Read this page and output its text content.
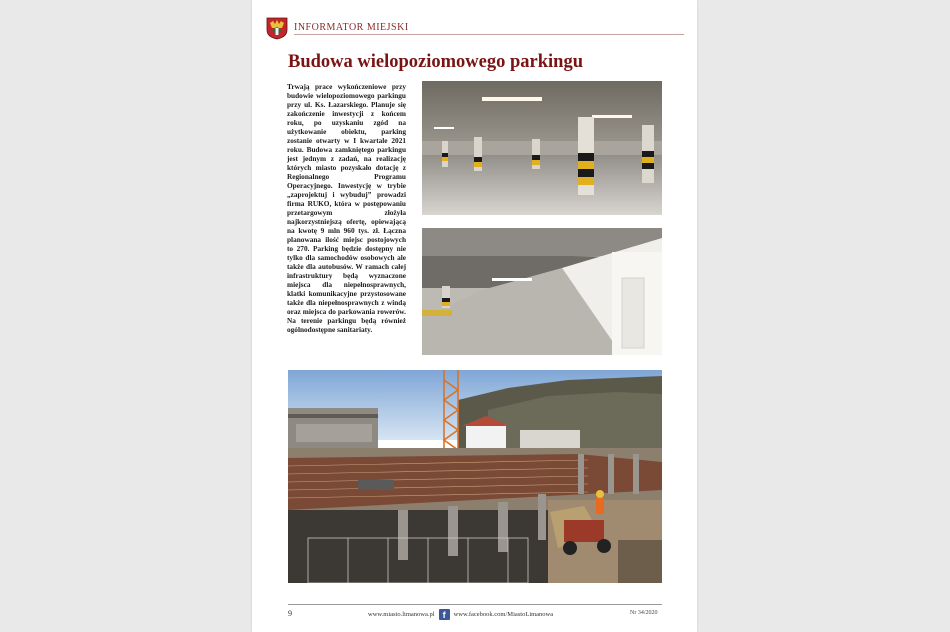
INFORMATOR MIEJSKI
Budowa wielopoziomowego parkingu
Trwają prace wykończeniowe przy budowie wielopoziomowego parkingu przy ul. Ks. Łazarskiego. Planuje się zakończenie inwestycji z końcem roku, po uzyskaniu zgód na użytkowanie obiektu, parking zostanie otwarty w I kwartale 2021 roku. Budowa zamkniętego parkingu jest jednym z zadań, na realizację których miasto pozyskało dotację z Regionalnego Programu Operacyjnego. Inwestycję w trybie „zaprojektuj i wybuduj” prowadzi firma RUKO, która w postępowaniu przetargowym złożyła najkorzystniejszą ofertę, opiewającą na kwotę 9 mln 960 tys. zł. Łączna planowana ilość miejsc postojowych to 270. Parking będzie dostępny nie tylko dla samochodów osobowych ale także dla autobusów. W ramach całej infrastruktury będą wyznaczone miejsca dla niepełnosprawnych, klatki komunikacyjne przystosowane także dla niepełnosprawnych z windą oraz miejsca do parkowania rowerów. Na terenie parkingu będą również ogólnodostępne sanitariaty.
9	www.miasto.limanowa.pl f	www.facebook.com/MiastoLimanowa	Nr 34/2020
